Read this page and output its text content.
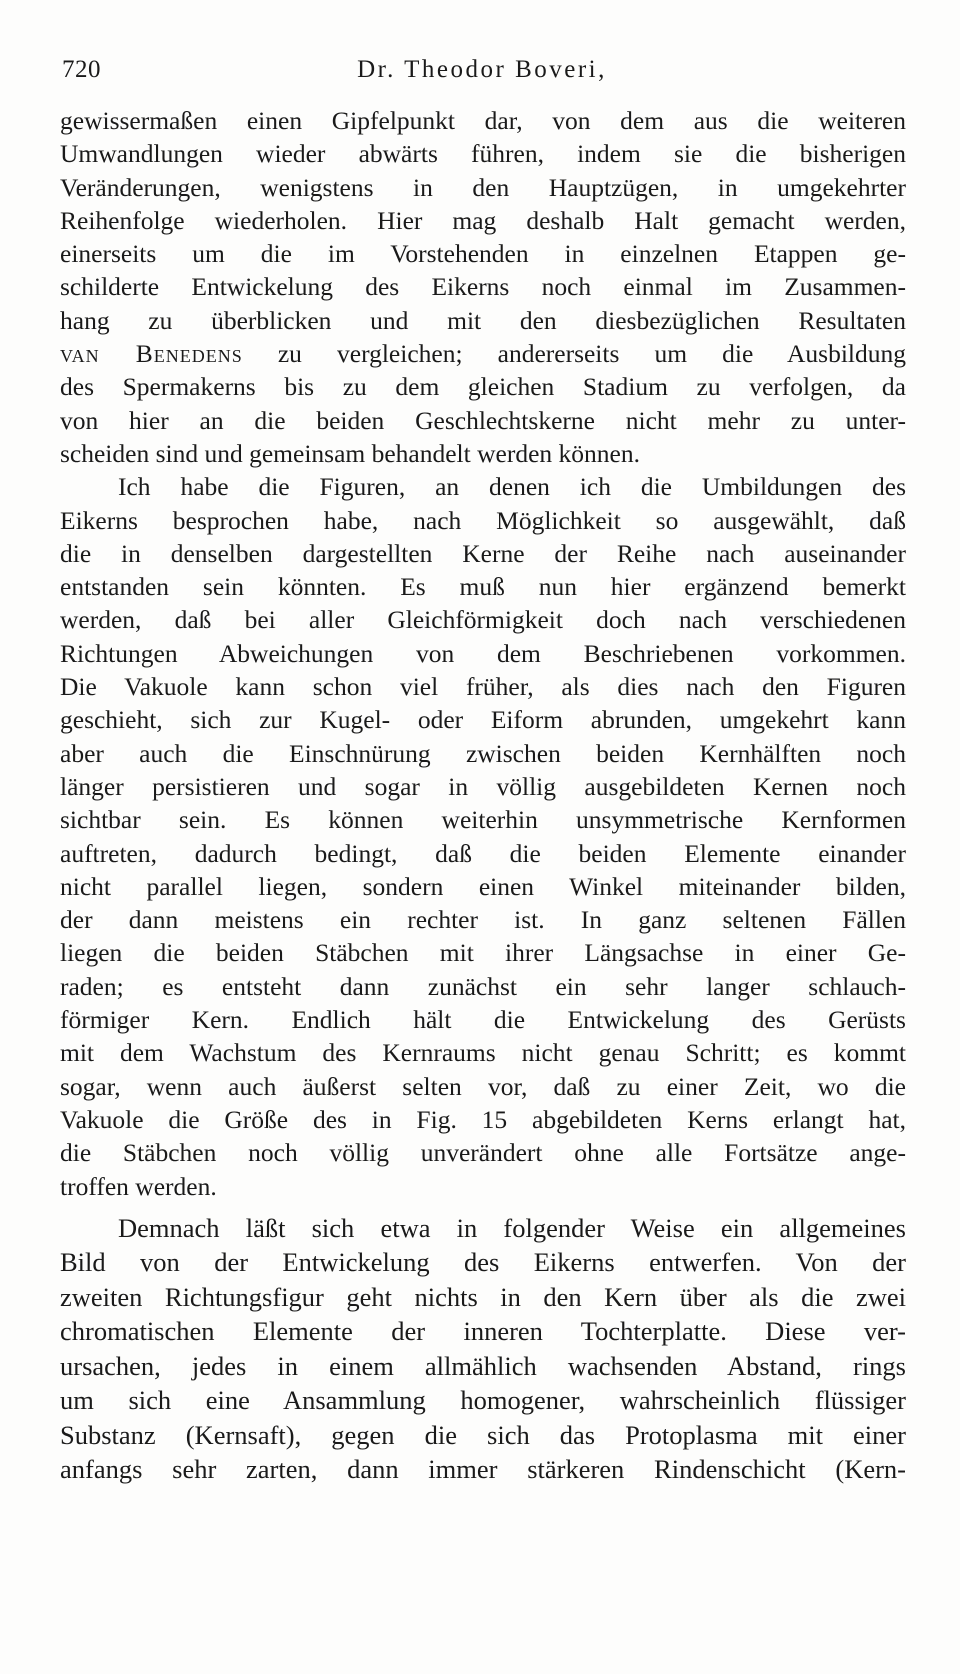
720	Dr. Theodor Boveri,
gewissermaßen einen Gipfelpunkt dar, von dem aus die weiteren
Umwandlungen wieder abwärts führen, indem sie die bisherigen
Veränderungen, wenigstens in den Hauptzügen, in umgekehrter
Reihenfolge wiederholen. Hier mag deshalb Halt gemacht werden,
einerseits um die im Vorstehenden in einzelnen Etappen ge-
schilderte Entwickelung des Eikerns noch einmal im Zusammen-
hang zu überblicken und mit den diesbezüglichen Resultaten
van Benedens zu vergleichen; andererseits um die Ausbildung
des Spermakerns bis zu dem gleichen Stadium zu verfolgen, da
von hier an die beiden Geschlechtskerne nicht mehr zu unter-
scheiden sind und gemeinsam behandelt werden können.
Ich habe die Figuren, an denen ich die Umbildungen des
Eikerns besprochen habe, nach Möglichkeit so ausgewählt, daß
die in denselben dargestellten Kerne der Reihe nach auseinander
entstanden sein könnten. Es muß nun hier ergänzend bemerkt
werden, daß bei aller Gleichförmigkeit doch nach verschiedenen
Richtungen Abweichungen von dem Beschriebenen vorkommen.
Die Vakuole kann schon viel früher, als dies nach den Figuren
geschieht, sich zur Kugel- oder Eiform abrunden, umgekehrt kann
aber auch die Einschnürung zwischen beiden Kernhälften noch
länger persistieren und sogar in völlig ausgebildeten Kernen noch
sichtbar sein. Es können weiterhin unsymmetrische Kernformen
auftreten, dadurch bedingt, daß die beiden Elemente einander
nicht parallel liegen, sondern einen Winkel miteinander bilden,
der dann meistens ein rechter ist. In ganz seltenen Fällen
liegen die beiden Stäbchen mit ihrer Längsachse in einer Ge-
raden; es entsteht dann zunächst ein sehr langer schlauch-
förmiger Kern. Endlich hält die Entwickelung des Gerüsts
mit dem Wachstum des Kernraums nicht genau Schritt; es kommt
sogar, wenn auch äußerst selten vor, daß zu einer Zeit, wo die
Vakuole die Größe des in Fig. 15 abgebildeten Kerns erlangt hat,
die Stäbchen noch völlig unverändert ohne alle Fortsätze ange-
troffen werden.
Demnach läßt sich etwa in folgender Weise ein allgemeines
Bild von der Entwickelung des Eikerns entwerfen. Von der
zweiten Richtungsfigur geht nichts in den Kern über als die zwei
chromatischen Elemente der inneren Tochterplatte. Diese ver-
ursachen, jedes in einem allmählich wachsenden Abstand, rings
um sich eine Ansammlung homogener, wahrscheinlich flüssiger
Substanz (Kernsaft), gegen die sich das Protoplasma mit einer
anfangs sehr zarten, dann immer stärkeren Rindenschicht (Kern-
